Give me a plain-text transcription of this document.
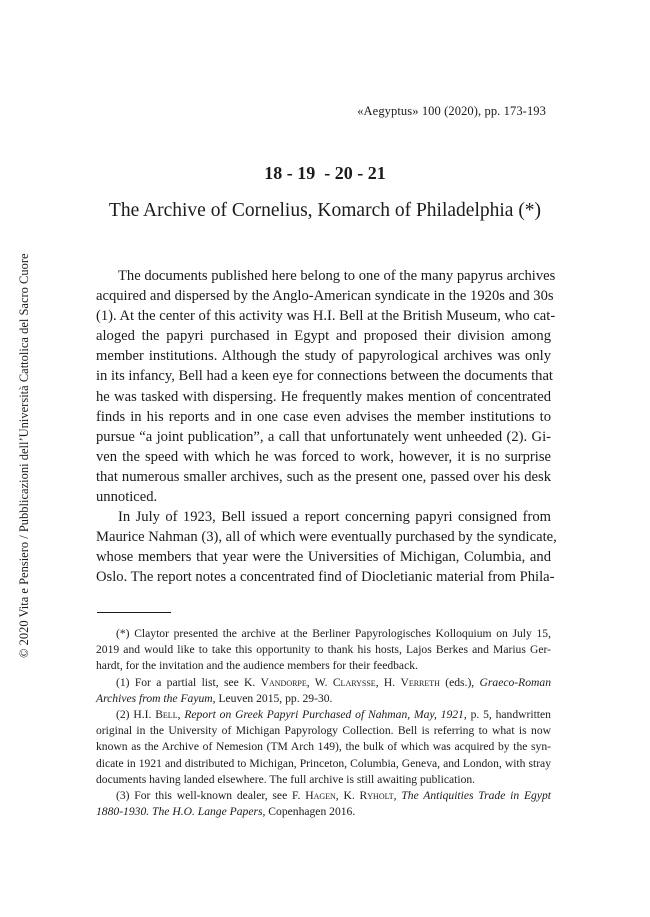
«Aegyptus» 100 (2020), pp. 173-193
18 - 19  - 20 - 21
The Archive of Cornelius, Komarch of Philadelphia (*)
© 2020 Vita e Pensiero / Pubblicazioni dell’Università Cattolica del Sacro Cuore	The documents published here belong to one of the many papyrus archives
acquired and dispersed by the Anglo-American syndicate in the 1920s and 30s
(1). At the center of this activity was H.I. Bell at the British Museum, who cat-
aloged the papyri purchased in Egypt and proposed their division among
member institutions. Although the study of papyrological archives was only
in its infancy, Bell had a keen eye for connections between the documents that
he was tasked with dispersing. He frequently makes mention of concentrated
finds in his reports and in one case even advises the member institutions to
pursue “a joint publication”, a call that unfortunately went unheeded (2). Gi-
ven the speed with which he was forced to work, however, it is no surprise
that numerous smaller archives, such as the present one, passed over his desk
unnoticed.
In July of 1923, Bell issued a report concerning papyri consigned from
Maurice Nahman (3), all of which were eventually purchased by the syndicate,
whose members that year were the Universities of Michigan, Columbia, and
Oslo. The report notes a concentrated find of Diocletianic material from Phila-
(*) Claytor presented the archive at the Berliner Papyrologisches Kolloquium on July 15,
2019 and would like to take this opportunity to thank his hosts, Lajos Berkes and Marius Ger-
hardt, for the invitation and the audience members for their feedback.
(1) For a partial list, see K. Vandorpe, W. Clarysse, H. Verreth (eds.), Graeco-Roman
Archives from the Fayum, Leuven 2015, pp. 29-30.
(2) H.I. Bell, Report on Greek Papyri Purchased of Nahman, May, 1921, p. 5, handwritten
original in the University of Michigan Papyrology Collection. Bell is referring to what is now
known as the Archive of Nemesion (TM Arch 149), the bulk of which was acquired by the syn-
dicate in 1921 and distributed to Michigan, Princeton, Columbia, Geneva, and London, with stray
documents having landed elsewhere. The full archive is still awaiting publication.
(3) For this well-known dealer, see F. Hagen, K. Ryholt, The Antiquities Trade in Egypt
1880-1930. The H.O. Lange Papers, Copenhagen 2016.
